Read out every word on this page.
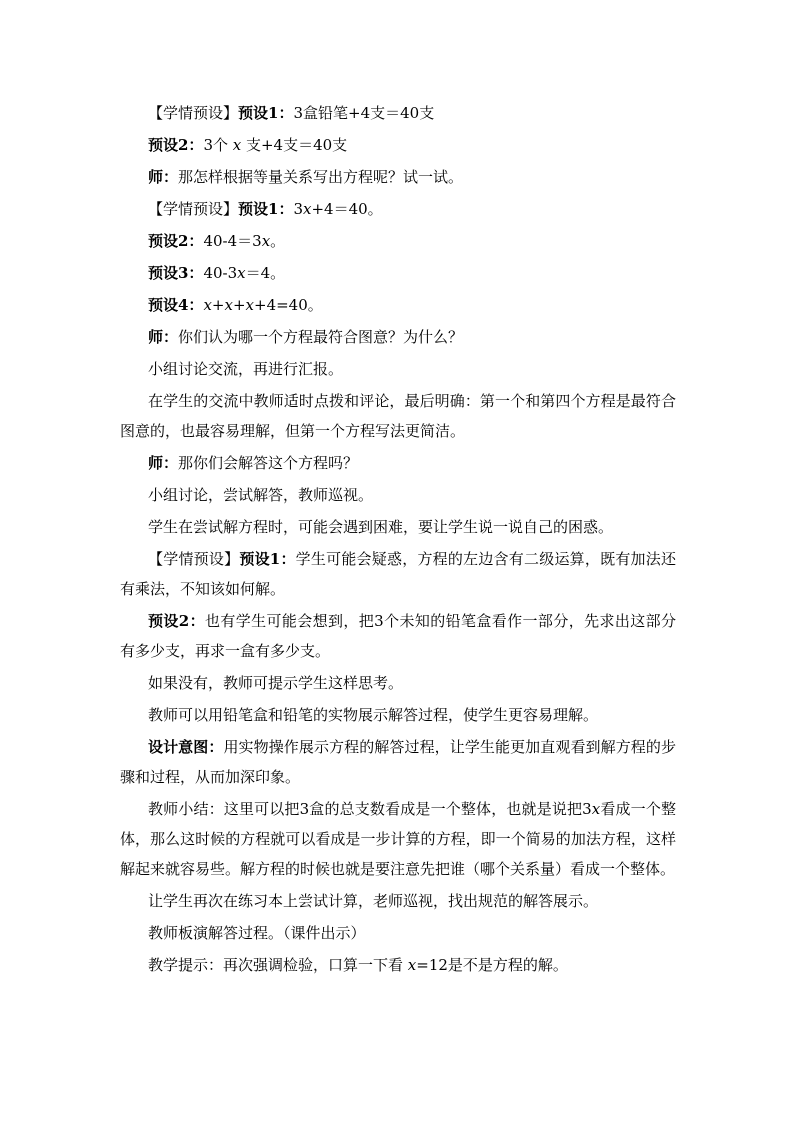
【学情预设】预设1：3盒铅笔+4支＝40支

预设2：3个 x 支+4支＝40支

师：那怎样根据等量关系写出方程呢？试一试。

【学情预设】预设1：3x+4＝40。

预设2：40-4＝3x。

预设3：40-3x＝4。

预设4：x+x+x+4=40。

师：你们认为哪一个方程最符合图意？为什么？

小组讨论交流，再进行汇报。

在学生的交流中教师适时点拨和评论，最后明确：第一个和第四个方程是最符合图意的，也最容易理解，但第一个方程写法更简洁。

师：那你们会解答这个方程吗？

小组讨论，尝试解答，教师巡视。

学生在尝试解方程时，可能会遇到困难，要让学生说一说自己的困惑。

【学情预设】预设1：学生可能会疑惑，方程的左边含有二级运算，既有加法还有乘法，不知该如何解。

预设2：也有学生可能会想到，把3个未知的铅笔盒看作一部分，先求出这部分有多少支，再求一盒有多少支。

如果没有，教师可提示学生这样思考。

教师可以用铅笔盒和铅笔的实物展示解答过程，使学生更容易理解。

设计意图：用实物操作展示方程的解答过程，让学生能更加直观看到解方程的步骤和过程，从而加深印象。

教师小结：这里可以把3盒的总支数看成是一个整体，也就是说把3x看成一个整体，那么这时候的方程就可以看成是一步计算的方程，即一个简易的加法方程，这样解起来就容易些。解方程的时候也就是要注意先把谁（哪个关系量）看成一个整体。

让学生再次在练习本上尝试计算，老师巡视，找出规范的解答展示。

教师板演解答过程。（课件出示）

教学提示：再次强调检验，口算一下看 x=12是不是方程的解。
